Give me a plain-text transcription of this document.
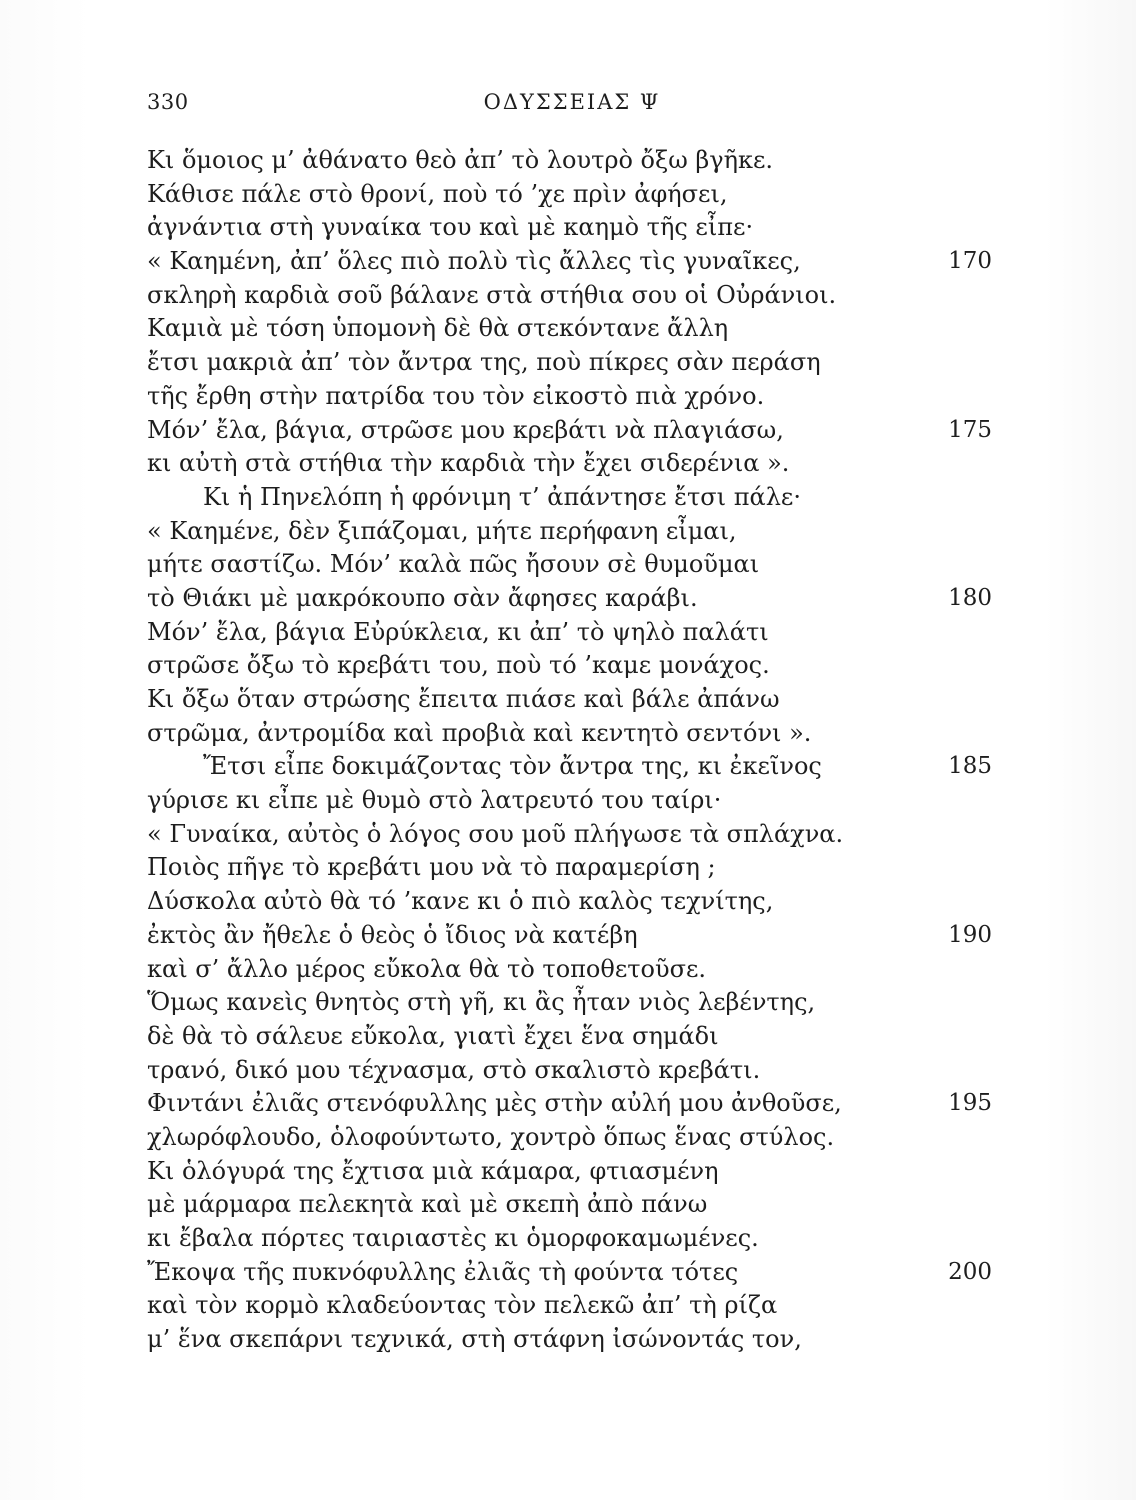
330	ΟΔΥΣΣΕΙΑΣ Ψ
Κι ὅμοιος μ’ ἀθάνατο θεὸ ἀπ’ τὸ λουτρὸ ὄξω βγῆκε.
Κάθισε πάλε στὸ θρονί, ποὺ τό ’χε πρὶν ἀφήσει,
ἀγνάντια στὴ γυναίκα του καὶ μὲ καημὸ τῆς εἶπε·
« Καημένη, ἀπ’ ὅλες πιὸ πολὺ τὶς ἄλλες τὶς γυναῖκες,	170
σκληρὴ καρδιὰ σοῦ βάλανε στὰ στήθια σου οἱ Οὐράνιοι.
Καμιὰ μὲ τόση ὑπομονὴ δὲ θὰ στεκόντανε ἄλλη
ἔτσι μακριὰ ἀπ’ τὸν ἄντρα της, ποὺ πίκρες σὰν περάση
τῆς ἔρθη στὴν πατρίδα του τὸν εἰκοστὸ πιὰ χρόνο.
Μόν’ ἔλα, βάγια, στρῶσε μου κρεβάτι νὰ πλαγιάσω,	175
κι αὐτὴ στὰ στήθια τὴν καρδιὰ τὴν ἔχει σιδερένια ».
Κι ἡ Πηνελόπη ἡ φρόνιμη τ’ ἀπάντησε ἔτσι πάλε·
« Καημένε, δὲν ξιπάζομαι, μήτε περήφανη εἶμαι,
μήτε σαστίζω. Μόν’ καλὰ πῶς ἤσουν σὲ θυμοῦμαι
τὸ Θιάκι μὲ μακρόκουπο σὰν ἄφησες καράβι.	180
Μόν’ ἔλα, βάγια Εὐρύκλεια, κι ἀπ’ τὸ ψηλὸ παλάτι
στρῶσε ὄξω τὸ κρεβάτι του, ποὺ τό ’καμε μονάχος.
Κι ὄξω ὅταν στρώσης ἔπειτα πιάσε καὶ βάλε ἀπάνω
στρῶμα, ἀντρομίδα καὶ προβιὰ καὶ κεντητὸ σεντόνι ».
Ἔτσι εἶπε δοκιμάζοντας τὸν ἄντρα της, κι ἐκεῖνος	185
γύρισε κι εἶπε μὲ θυμὸ στὸ λατρευτό του ταίρι·
« Γυναίκα, αὐτὸς ὁ λόγος σου μοῦ πλήγωσε τὰ σπλάχνα.
Ποιὸς πῆγε τὸ κρεβάτι μου νὰ τὸ παραμερίση ;
Δύσκολα αὐτὸ θὰ τό ’κανε κι ὁ πιὸ καλὸς τεχνίτης,
ἐκτὸς ἂν ἤθελε ὁ θεὸς ὁ ἴδιος νὰ κατέβη	190
καὶ σ’ ἄλλο μέρος εὔκολα θὰ τὸ τοποθετοῦσε.
Ὅμως κανεὶς θνητὸς στὴ γῆ, κι ἂς ἦταν νιὸς λεβέντης,
δὲ θὰ τὸ σάλευε εὔκολα, γιατὶ ἔχει ἕνα σημάδι
τρανό, δικό μου τέχνασμα, στὸ σκαλιστὸ κρεβάτι.
Φιντάνι ἐλιᾶς στενόφυλλης μὲς στὴν αὐλή μου ἀνθοῦσε,	195
χλωρόφλουδο, ὁλοφούντωτο, χοντρὸ ὅπως ἕνας στύλος.
Κι ὁλόγυρά της ἔχτισα μιὰ κάμαρα, φτιασμένη
μὲ μάρμαρα πελεκητὰ καὶ μὲ σκεπὴ ἀπὸ πάνω
κι ἔβαλα πόρτες ταιριαστὲς κι ὁμορφοκαμωμένες.
Ἔκοψα τῆς πυκνόφυλλης ἐλιᾶς τὴ φούντα τότες	200
καὶ τὸν κορμὸ κλαδεύοντας τὸν πελεκῶ ἀπ’ τὴ ρίζα
μ’ ἕνα σκεπάρνι τεχνικά, στὴ στάφνη ἰσώνοντάς τον,
